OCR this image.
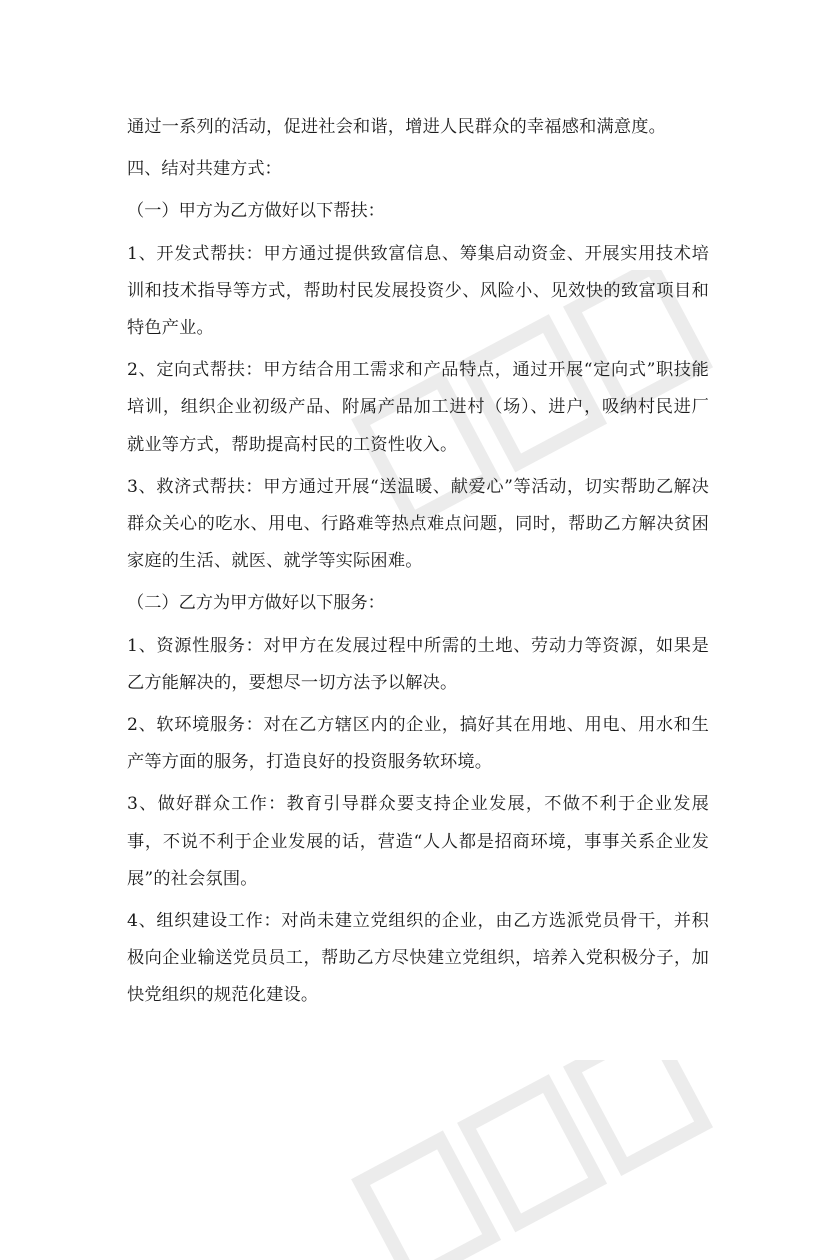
通过一系列的活动，促进社会和谐，增进人民群众的幸福感和满意度。

四、结对共建方式：

（一）甲方为乙方做好以下帮扶：

1、开发式帮扶：甲方通过提供致富信息、筹集启动资金、开展实用技术培训和技术指导等方式，帮助村民发展投资少、风险小、见效快的致富项目和特色产业。

2、定向式帮扶：甲方结合用工需求和产品特点，通过开展“定向式”职技能培训，组织企业初级产品、附属产品加工进村（场）、进户，吸纳村民进厂就业等方式，帮助提高村民的工资性收入。

3、救济式帮扶：甲方通过开展“送温暖、献爱心”等活动，切实帮助乙解决群众关心的吃水、用电、行路难等热点难点问题，同时，帮助乙方解决贫困家庭的生活、就医、就学等实际困难。

（二）乙方为甲方做好以下服务：

1、资源性服务：对甲方在发展过程中所需的土地、劳动力等资源，如果是乙方能解决的，要想尽一切方法予以解决。

2、软环境服务：对在乙方辖区内的企业，搞好其在用地、用电、用水和生产等方面的服务，打造良好的投资服务软环境。

3、做好群众工作：教育引导群众要支持企业发展，不做不利于企业发展事，不说不利于企业发展的话，营造“人人都是招商环境，事事关系企业发展”的社会氛围。

4、组织建设工作：对尚未建立党组织的企业，由乙方选派党员骨干，并积极向企业输送党员员工，帮助乙方尽快建立党组织，培养入党积极分子，加快党组织的规范化建设。
